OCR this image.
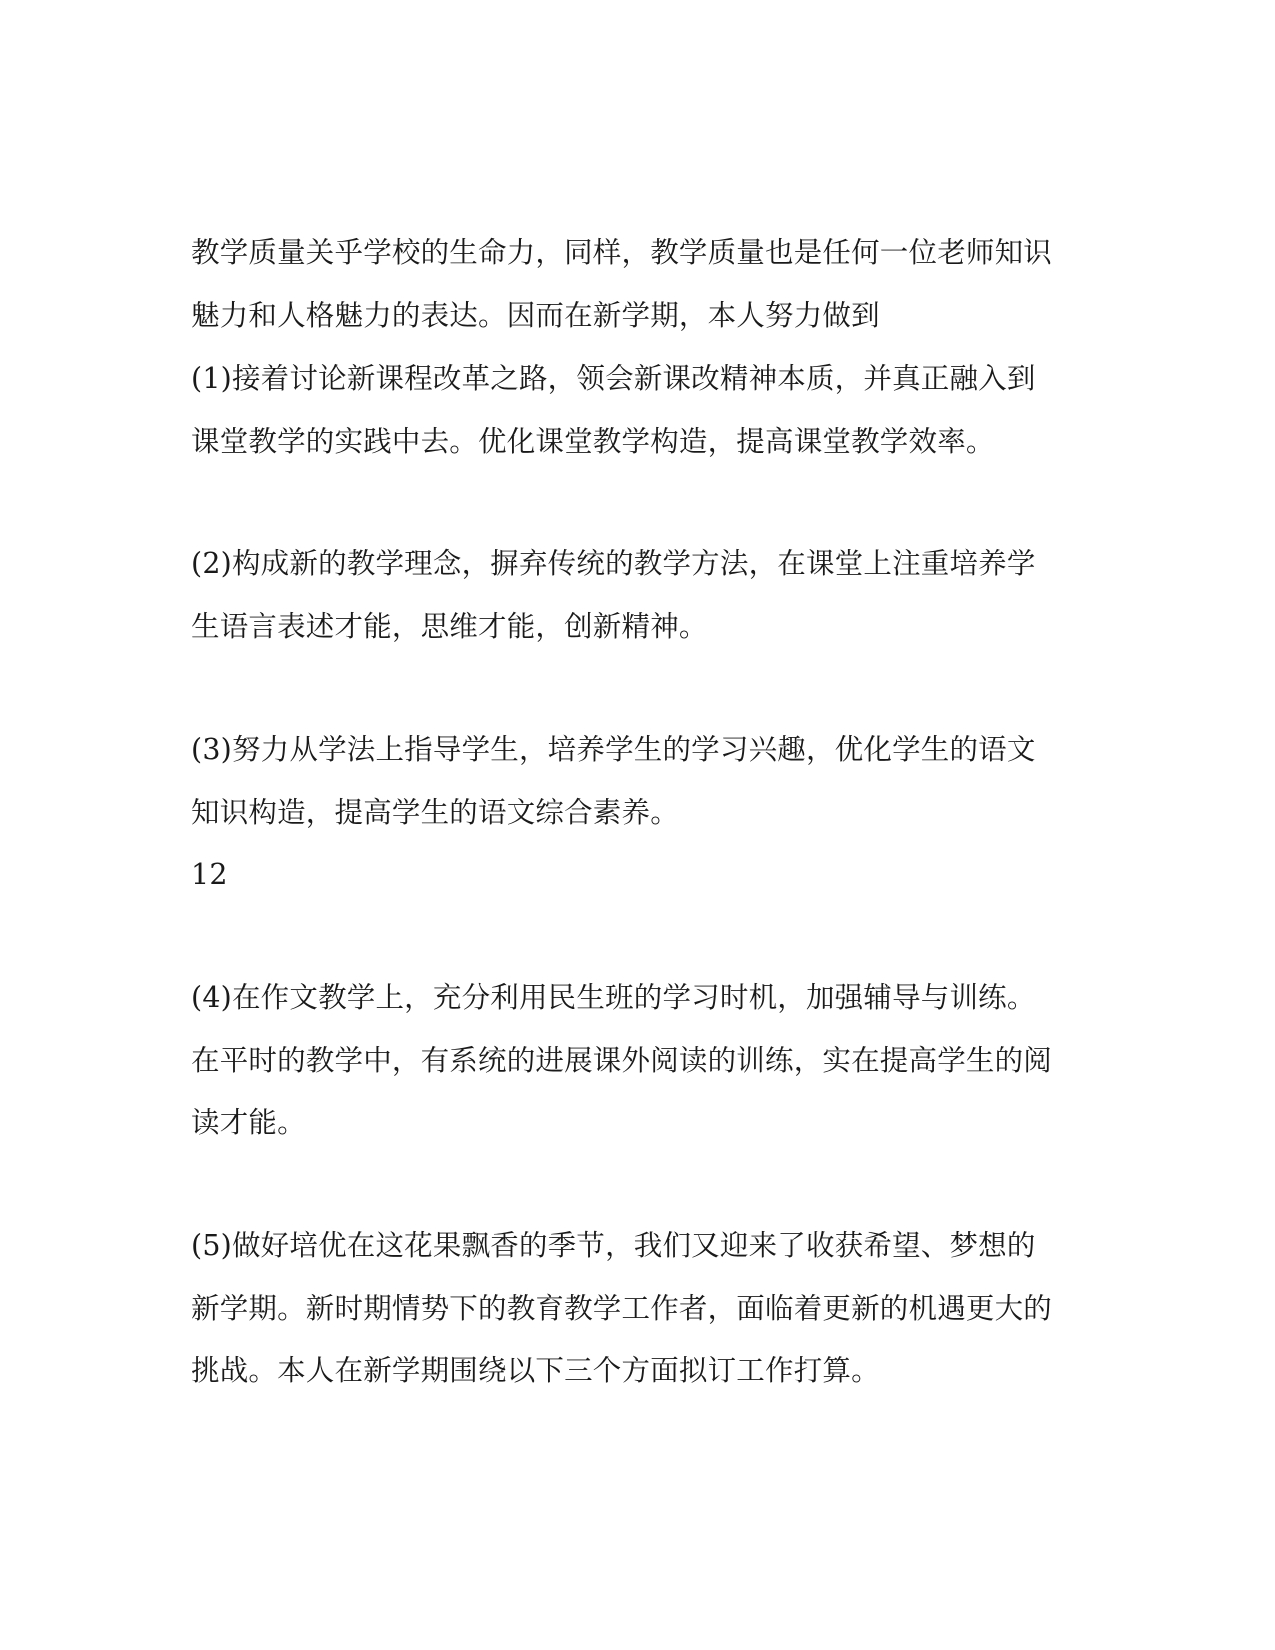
教学质量关乎学校的生命力，同样，教学质量也是任何一位老师知识
魅力和人格魅力的表达。因而在新学期，本人努力做到
(1)接着讨论新课程改革之路，领会新课改精神本质，并真正融入到
课堂教学的实践中去。优化课堂教学构造，提高课堂教学效率。
(2)构成新的教学理念，摒弃传统的教学方法，在课堂上注重培养学
生语言表述才能，思维才能，创新精神。
(3)努力从学法上指导学生，培养学生的学习兴趣，优化学生的语文
知识构造，提高学生的语文综合素养。
12
(4)在作文教学上，充分利用民生班的学习时机，加强辅导与训练。
在平时的教学中，有系统的进展课外阅读的训练，实在提高学生的阅
读才能。
(5)做好培优在这花果飘香的季节，我们又迎来了收获希望、梦想的
新学期。新时期情势下的教育教学工作者，面临着更新的机遇更大的
挑战。本人在新学期围绕以下三个方面拟订工作打算。
